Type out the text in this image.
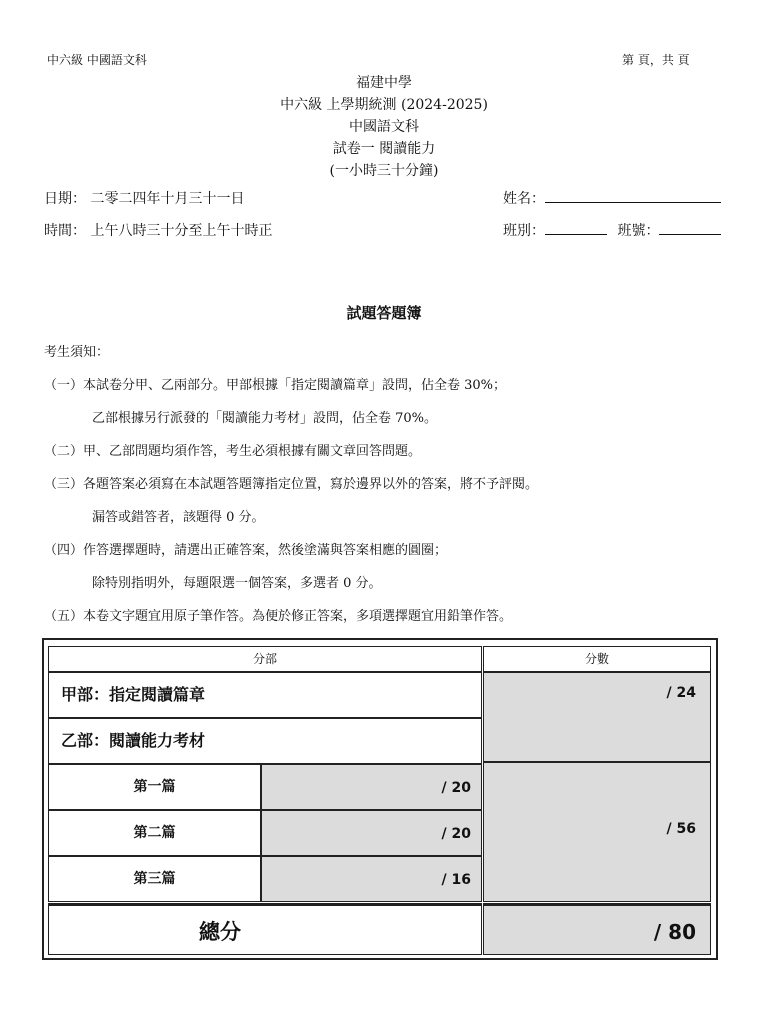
中六級 中國語文科	第 頁，共 頁
福建中學
中六級 上學期統測 (2024-2025)
中國語文科
試卷一 閱讀能力
(一小時三十分鐘)
日期： 二零二四年十月三十一日	姓名：
時間： 上午八時三十分至上午十時正	班別：	班號：
試題答題簿
考生須知：
（一）本試卷分甲、乙兩部分。甲部根據「指定閱讀篇章」設問，佔全卷 30%；
乙部根據另行派發的「閱讀能力考材」設問，佔全卷 70%。
（二）甲、乙部問題均須作答，考生必須根據有關文章回答問題。
（三）各題答案必須寫在本試題答題簿指定位置，寫於邊界以外的答案，將不予評閱。
漏答或錯答者，該題得 0 分。
（四）作答選擇題時，請選出正確答案，然後塗滿與答案相應的圓圈；
除特別指明外，每題限選一個答案，多選者 0 分。
（五）本卷文字題宜用原子筆作答。為便於修正答案，多項選擇題宜用鉛筆作答。
分部	分數
甲部：指定閱讀篇章
乙部：閱讀能力考材
/ 24
第一篇	/ 20
第二篇	/ 20
第三篇	/ 16
/ 56
總分	/ 80
